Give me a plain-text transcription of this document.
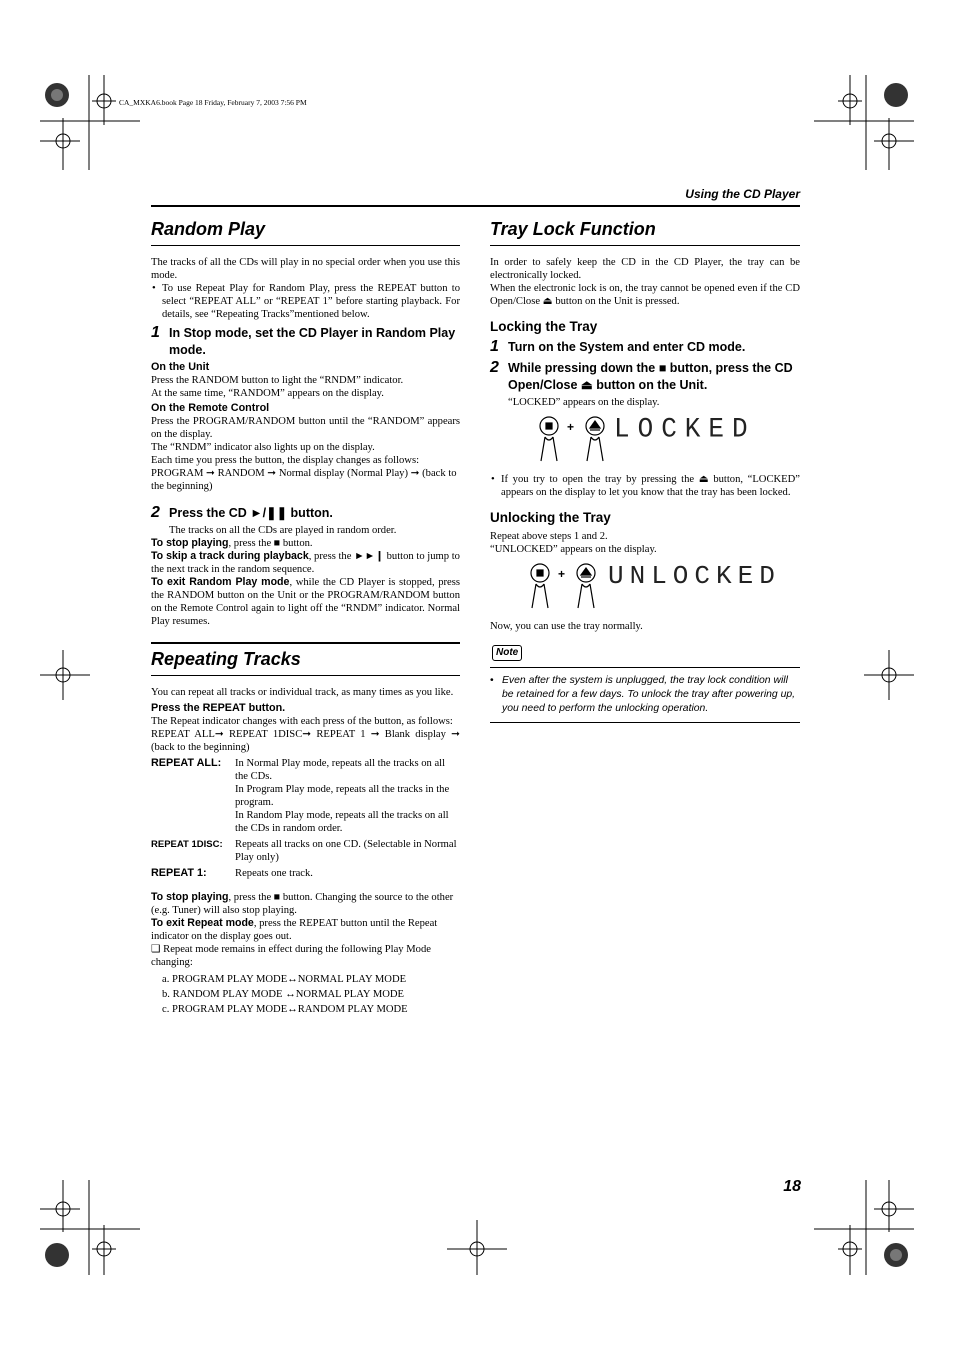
CA_MXKA6.book Page 18 Friday, February 7, 2003 7:56 PM
Using the CD Player
Random Play

The tracks of all the CDs will play in no special order when you use this mode.

• To use Repeat Play for Random Play, press the REPEAT button to select “REPEAT ALL” or “REPEAT 1” before starting playback. For details, see “Repeating Tracks”mentioned below.

1 In Stop mode, set the CD Player in Random Play mode.
On the Unit

Press the RANDOM button to light the “RNDM” indicator.

At the same time, “RANDOM” appears on the display.

On the Remote Control

Press the PROGRAM/RANDOM button until the “RANDOM” appears on the display.

The “RNDM” indicator also lights up on the display.

Each time you press the button, the display changes as follows:

PROGRAM ➞ RANDOM ➞ Normal display (Normal Play) ➞ (back to the beginning)

2 Press the CD ►/❚❚ button.

The tracks on all the CDs are played in random order.

To stop playing, press the ■ button.

To skip a track during playback, press the ►►❙ button to jump to the next track in the random sequence.

To exit Random Play mode, while the CD Player is stopped, press the RANDOM button on the Unit or the PROGRAM/RANDOM button on the Remote Control again to light off the “RNDM” indicator. Normal Play resumes.

Repeating Tracks

You can repeat all tracks or individual track, as many times as you like.

Press the REPEAT button.

The Repeat indicator changes with each press of the button, as follows:

REPEAT ALL➞ REPEAT 1DISC➞ REPEAT 1 ➞ Blank display ➞ (back to the beginning)

REPEAT ALL:	In Normal Play mode, repeats all the tracks on all the CDs.
In Program Play mode, repeats all the tracks in the program.
In Random Play mode, repeats all the tracks on all the CDs in random order.

REPEAT 1DISC:	Repeats all tracks on one CD. (Selectable in Normal Play only)

REPEAT 1:	Repeats one track.

To stop playing, press the ■ button. Changing the source to the other (e.g. Tuner) will also stop playing.

To exit Repeat mode, press the REPEAT button until the Repeat indicator on the display goes out.

❑ Repeat mode remains in effect during the following Play Mode changing:

a. PROGRAM PLAY MODE↔NORMAL PLAY MODE
b. RANDOM PLAY MODE ↔NORMAL PLAY MODE
c. PROGRAM PLAY MODE↔RANDOM PLAY MODE
Tray Lock Function

In order to safely keep the CD in the CD Player, the tray can be electronically locked.

When the electronic lock is on, the tray cannot be opened even if the CD Open/Close ⏏ button on the Unit is pressed.

Locking the Tray
1 Turn on the System and enter CD mode.
2 While pressing down the ■ button, press the CD Open/Close ⏏ button on the Unit.

“LOCKED” appears on the display.

+ LOCKED

• If you try to open the tray by pressing the ⏏ button, “LOCKED” appears on the display to let you know that the tray has been locked.

Unlocking the Tray

Repeat above steps 1 and 2.

“UNLOCKED” appears on the display.

+ UNLOCKED

Now, you can use the tray normally.

Note
• Even after the system is unplugged, the tray lock condition will be retained for a few days. To unlock the tray after powering up, you need to perform the unlocking operation.
18
